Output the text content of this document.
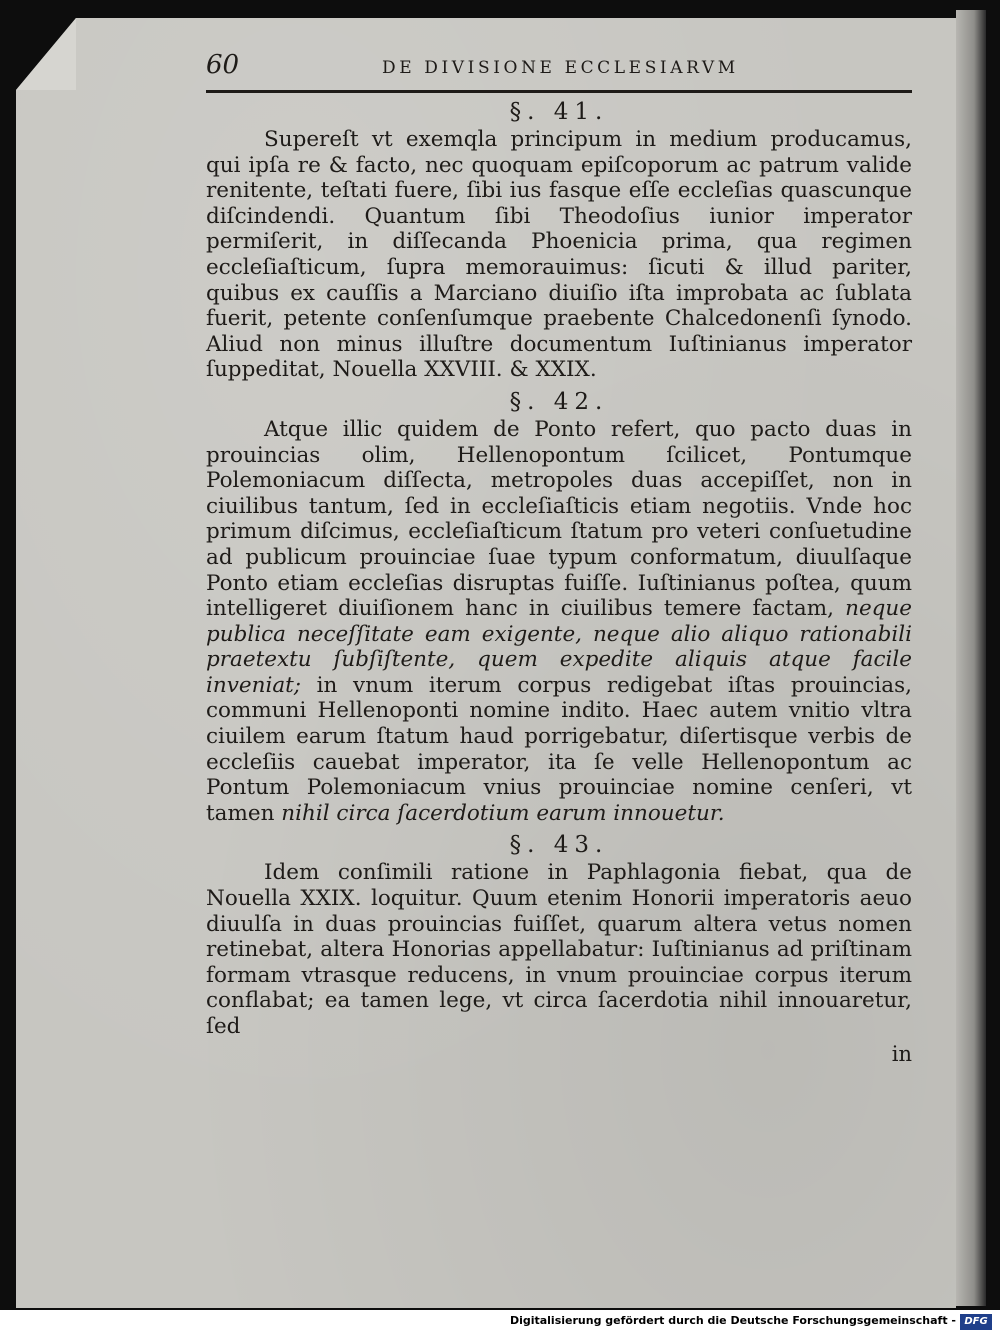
60	DE DIVISIONE ECCLESIARVM
§. 41.

Supereſt vt exemqla principum in medium producamus, qui ipſa re & facto, nec quoquam epiſcoporum ac patrum valide renitente, teſtati fuere, ſibi ius fasque eſſe eccleſias quascunque diſcindendi. Quantum ſibi Theodoſius iunior imperator permiſerit, in diſſecanda Phoenicia prima, qua regimen eccleſiaſticum, ſupra memorauimus: ſicuti & illud pariter, quibus ex cauſſis a Marciano diuiſio iſta improbata ac ſublata fuerit, petente conſenſumque praebente Chalcedonenſi ſynodo. Aliud non minus illuſtre documentum Iuſtinianus imperator ſuppeditat, Nouella XXVIII. & XXIX.

§. 42.

Atque illic quidem de Ponto refert, quo pacto duas in prouincias olim, Hellenopontum ſcilicet, Pontumque Polemoniacum diſſecta, metropoles duas accepiſſet, non in ciuilibus tantum, ſed in eccleſiaſticis etiam negotiis. Vnde hoc primum diſcimus, eccleſiaſticum ſtatum pro veteri conſuetudine ad publicum prouinciae ſuae typum conformatum, diuulſaque Ponto etiam eccleſias disruptas fuiſſe. Iuſtinianus poſtea, quum intelligeret diuiſionem hanc in ciuilibus temere factam, neque publica neceſſitate eam exigente, neque alio aliquo rationabili praetextu ſubſiſtente, quem expedite aliquis atque facile inveniat; in vnum iterum corpus redigebat iſtas prouincias, communi Hellenoponti nomine indito. Haec autem vnitio vltra ciuilem earum ſtatum haud porrigebatur, diſertisque verbis de eccleſiis cauebat imperator, ita ſe velle Hellenopontum ac Pontum Polemoniacum vnius prouinciae nomine cenſeri, vt tamen nihil circa ſacerdotium earum innouetur.

§. 43.

Idem conſimili ratione in Paphlagonia fiebat, qua de Nouella XXIX. loquitur. Quum etenim Honorii imperatoris aeuo diuulſa in duas prouincias fuiſſet, quarum altera vetus nomen retinebat, altera Honorias appellabatur: Iuſtinianus ad priſtinam formam vtrasque reducens, in vnum prouinciae corpus iterum conflabat; ea tamen lege, vt circa ſacerdotia nihil innouaretur, ſed

in
Digitalisierung gefördert durch die Deutsche Forschungsgemeinschaft - DFG
